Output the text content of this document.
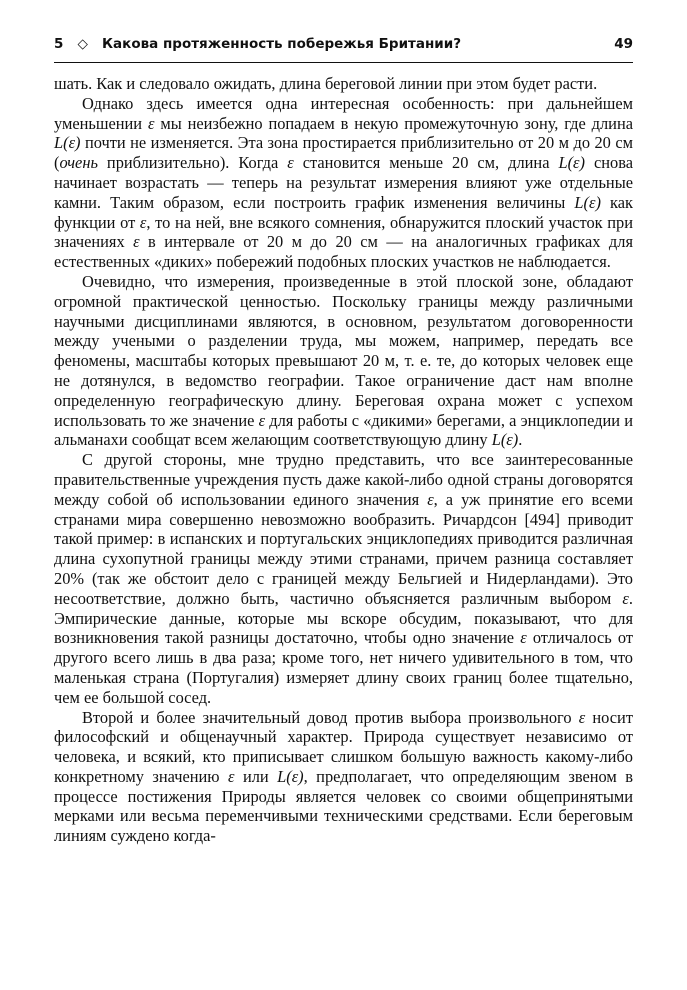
5 ◇ Какова протяженность побережья Британии?	49

шать. Как и следовало ожидать, длина береговой линии при этом будет расти.

Однако здесь имеется одна интересная особенность: при дальнейшем уменьшении ε мы неизбежно попадаем в некую промежуточную зону, где длина L(ε) почти не изменяется. Эта зона простирается приблизительно от 20 м до 20 см (очень приблизительно). Когда ε становится меньше 20 см, длина L(ε) снова начинает возрастать — теперь на результат измерения влияют уже отдельные камни. Таким образом, если построить график изменения величины L(ε) как функции от ε, то на ней, вне всякого сомнения, обнаружится плоский участок при значениях ε в интервале от 20 м до 20 см — на аналогичных графиках для естественных «диких» побережий подобных плоских участков не наблюдается.

Очевидно, что измерения, произведенные в этой плоской зоне, обладают огромной практической ценностью. Поскольку границы между различными научными дисциплинами являются, в основном, результатом договоренности между учеными о разделении труда, мы можем, например, передать все феномены, масштабы которых превышают 20 м, т. е. те, до которых человек еще не дотянулся, в ведомство географии. Такое ограничение даст нам вполне определенную географическую длину. Береговая охрана может с успехом использовать то же значение ε для работы с «дикими» берегами, а энциклопедии и альманахи сообщат всем желающим соответствующую длину L(ε).

С другой стороны, мне трудно представить, что все заинтересованные правительственные учреждения пусть даже какой-либо одной страны договорятся между собой об использовании единого значения ε, а уж принятие его всеми странами мира совершенно невозможно вообразить. Ричардсон [494] приводит такой пример: в испанских и португальских энциклопедиях приводится различная длина сухопутной границы между этими странами, причем разница составляет 20% (так же обстоит дело с границей между Бельгией и Нидерландами). Это несоответствие, должно быть, частично объясняется различным выбором ε. Эмпирические данные, которые мы вскоре обсудим, показывают, что для возникновения такой разницы достаточно, чтобы одно значение ε отличалось от другого всего лишь в два раза; кроме того, нет ничего удивительного в том, что маленькая страна (Португалия) измеряет длину своих границ более тщательно, чем ее большой сосед.

Второй и более значительный довод против выбора произвольного ε носит философский и общенаучный характер. Природа существует независимо от человека, и всякий, кто приписывает слишком большую важность какому-либо конкретному значению ε или L(ε), предполагает, что определяющим звеном в процессе постижения Природы является человек со своими общепринятыми мерками или весьма переменчивыми техническими средствами. Если береговым линиям суждено когда-
